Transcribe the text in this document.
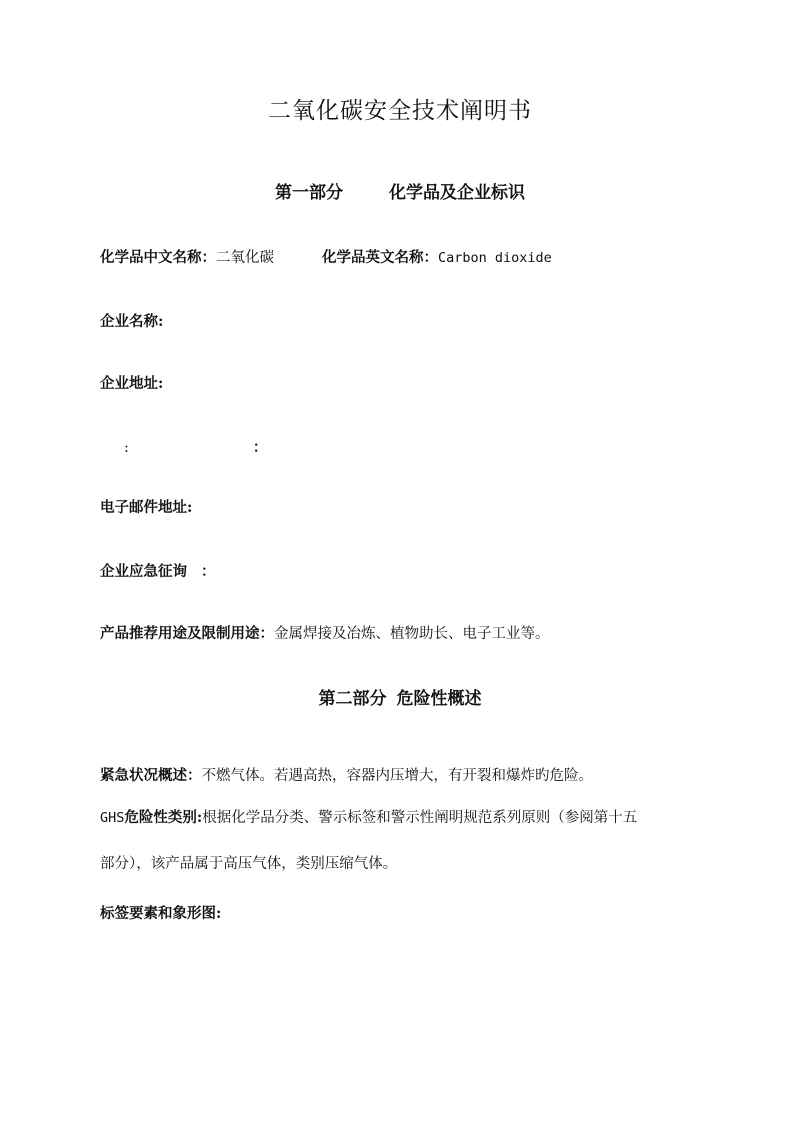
二氧化碳安全技术阐明书
第一部分	化学品及企业标识
化学品中文名称：二氧化碳	化学品英文名称：Carbon dioxide
企业名称:
企业地址:
:	：
电子邮件地址:
企业应急征询 ：
产品推荐用途及限制用途：金属焊接及冶炼、植物助长、电子工业等。
第二部分 危险性概述
紧急状况概述：不燃气体。若遇高热，容器内压增大，有开裂和爆炸旳危险。
GHS危险性类别:根据化学品分类、警示标签和警示性阐明规范系列原则（参阅第十五
部分），该产品属于高压气体，类别压缩气体。
标签要素和象形图:
